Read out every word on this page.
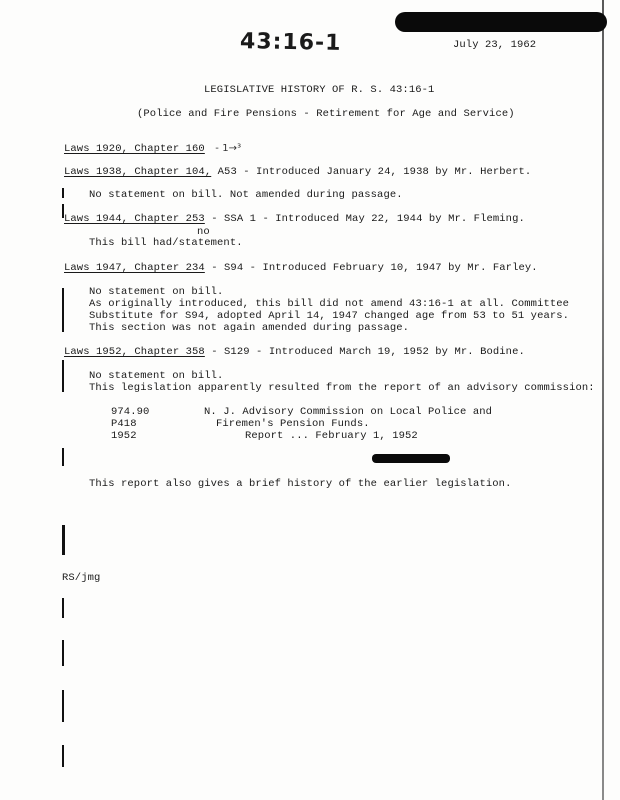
43:16-1	July 23, 1962
LEGISLATIVE HISTORY OF R. S. 43:16-1
(Police and Fire Pensions - Retirement for Age and Service)
Laws 1920, Chapter 160 - 1→³
Laws 1938, Chapter 104, A53 - Introduced January 24, 1938 by Mr. Herbert.
No statement on bill. Not amended during passage.
Laws 1944, Chapter 253 - SSA 1 - Introduced May 22, 1944 by Mr. Fleming.
no
This bill had/statement.
Laws 1947, Chapter 234 - S94 - Introduced February 10, 1947 by Mr. Farley.
No statement on bill.
As originally introduced, this bill did not amend 43:16-1 at all. Committee
Substitute for S94, adopted April 14, 1947 changed age from 53 to 51 years.
This section was not again amended during passage.
Laws 1952, Chapter 358 - S129 - Introduced March 19, 1952 by Mr. Bodine.
No statement on bill.
This legislation apparently resulted from the report of an advisory commission:
974.90
P418
1952
N. J. Advisory Commission on Local Police and
Firemen's Pension Funds.
Report ... February 1, 1952
This report also gives a brief history of the earlier legislation.
RS/jmg
